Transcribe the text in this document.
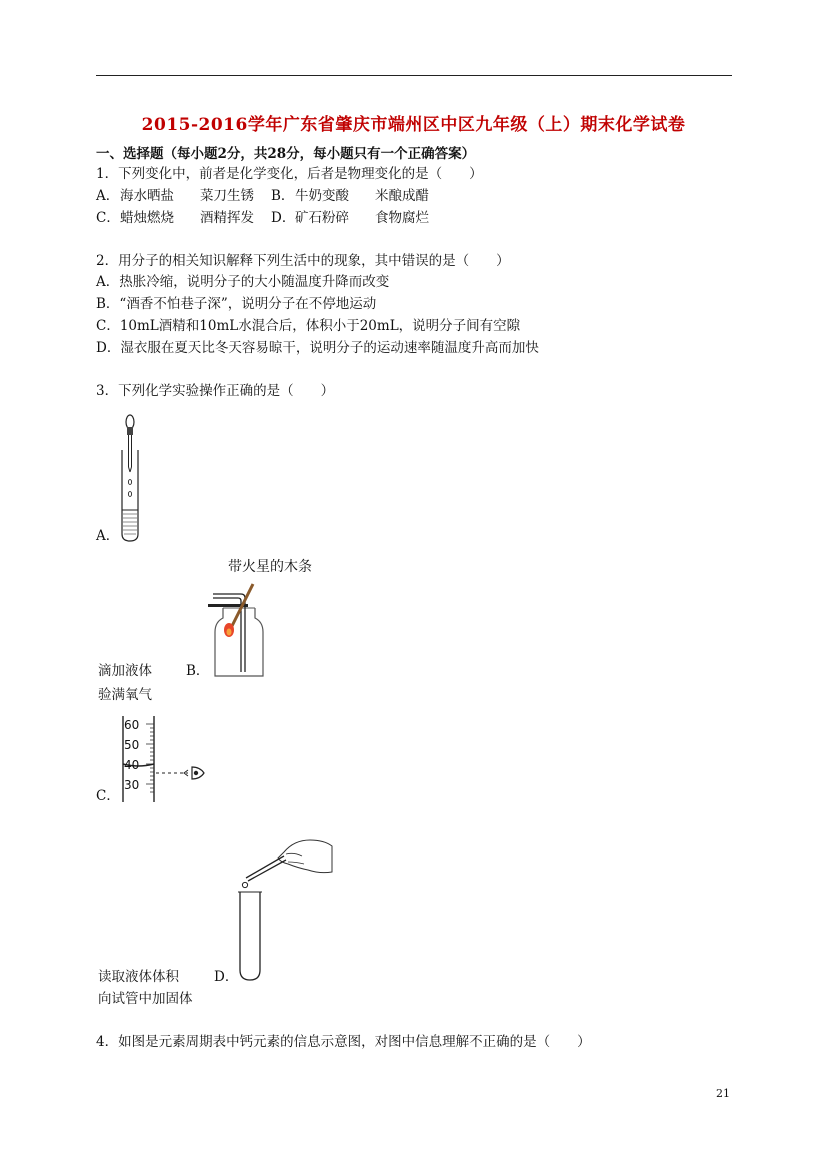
2015-2016学年广东省肇庆市端州区中区九年级（上）期末化学试卷
一、选择题（每小题2分，共28分，每小题只有一个正确答案）
1．下列变化中，前者是化学变化，后者是物理变化的是（　　）
A． 海水晒盐 菜刀生锈 B． 牛奶变酸 米酿成醋
C． 蜡烛燃烧 酒精挥发 D． 矿石粉碎 食物腐烂
2．用分子的相关知识解释下列生活中的现象，其中错误的是（　　）
A．热胀冷缩，说明分子的大小随温度升降而改变
B．“酒香不怕巷子深”，说明分子在不停地运动
C．10mL酒精和10mL水混合后，体积小于20mL，说明分子间有空隙
D．湿衣服在夏天比冬天容易晾干，说明分子的运动速率随温度升高而加快
3．下列化学实验操作正确的是（　　）
A．
带火星的木条
滴加液体	B．
验满氧气
60
50
40
30
C．
读取液体体积	D．
向试管中加固体
4．如图是元素周期表中钙元素的信息示意图，对图中信息理解不正确的是（　　）
21
